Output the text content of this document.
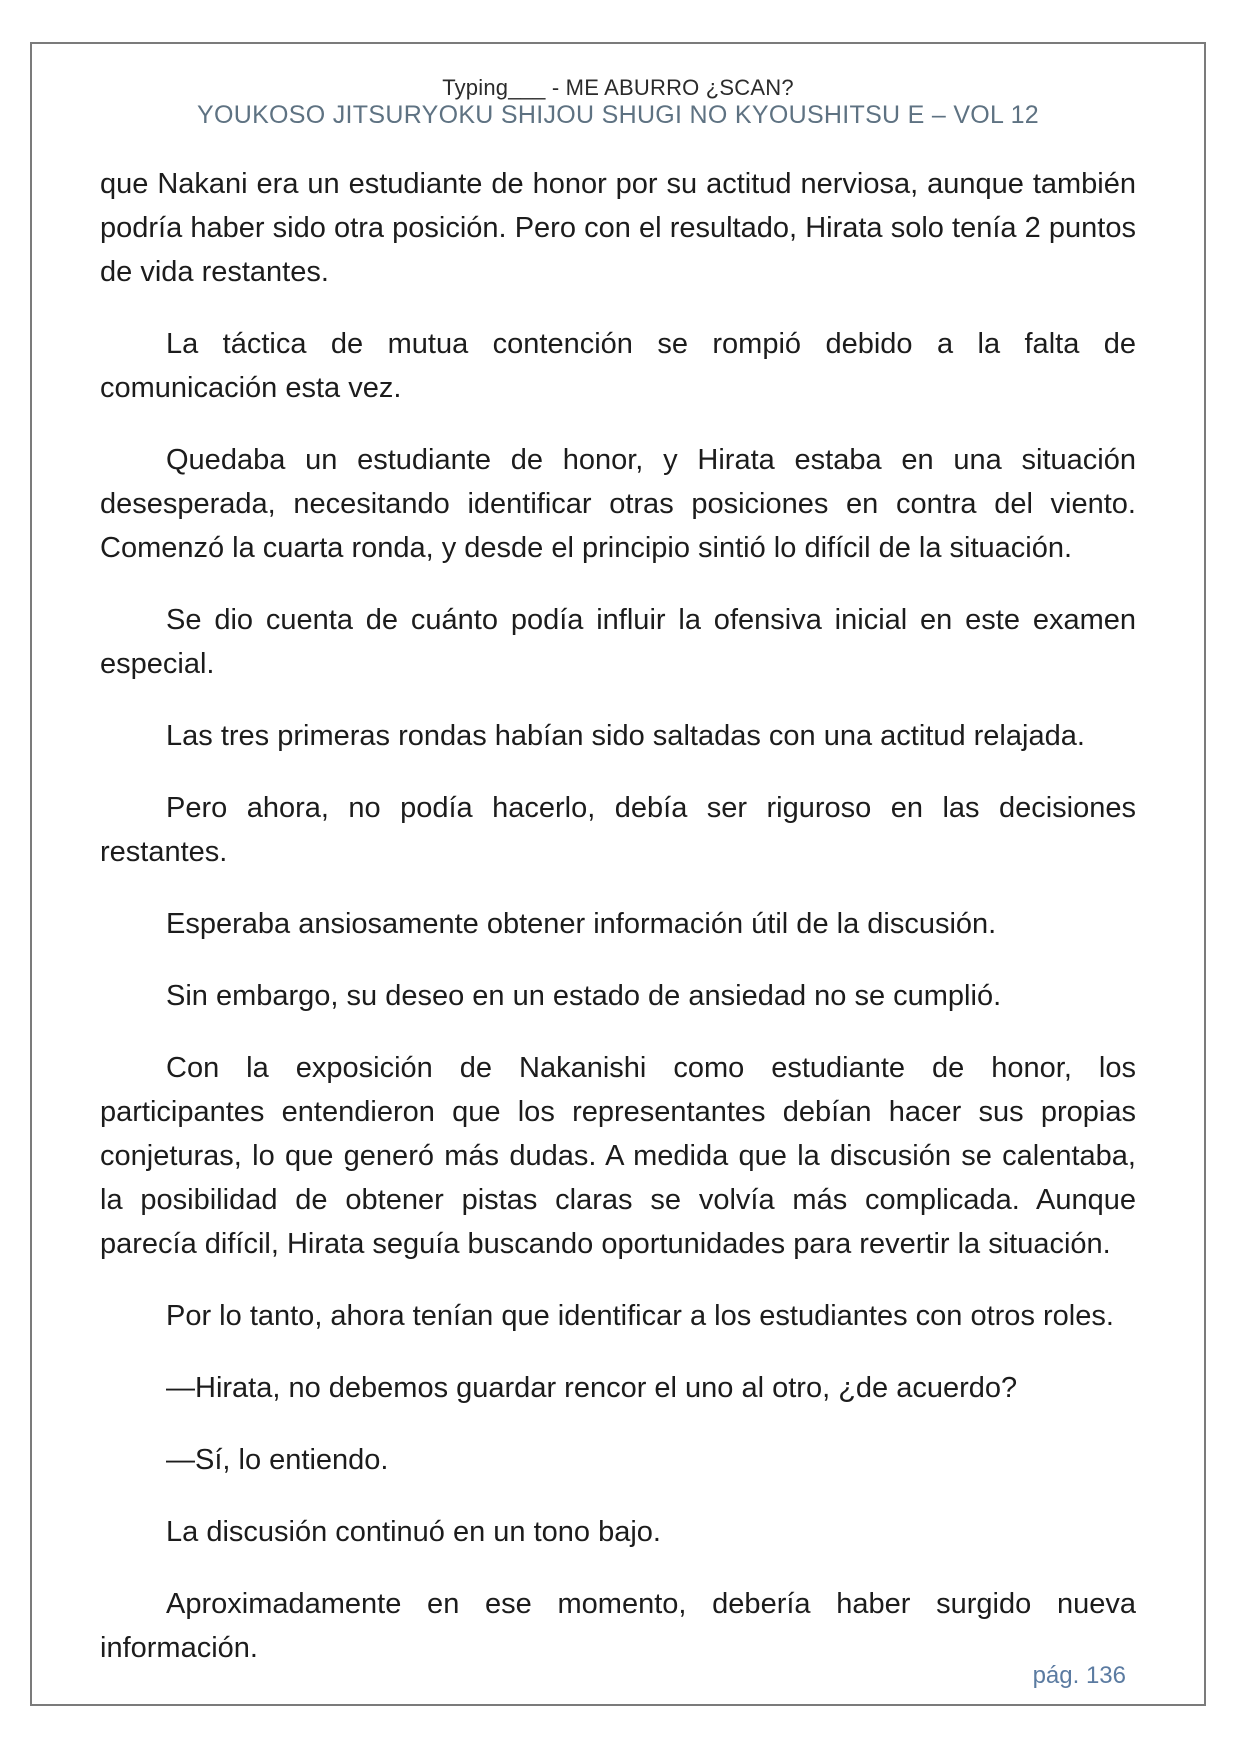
Typing___ - ME ABURRO ¿SCAN?
YOUKOSO JITSURYOKU SHIJOU SHUGI NO KYOUSHITSU E – VOL 12

que Nakani era un estudiante de honor por su actitud nerviosa, aunque también podría haber sido otra posición. Pero con el resultado, Hirata solo tenía 2 puntos de vida restantes.

La táctica de mutua contención se rompió debido a la falta de comunicación esta vez.

Quedaba un estudiante de honor, y Hirata estaba en una situación desesperada, necesitando identificar otras posiciones en contra del viento. Comenzó la cuarta ronda, y desde el principio sintió lo difícil de la situación.

Se dio cuenta de cuánto podía influir la ofensiva inicial en este examen especial.

Las tres primeras rondas habían sido saltadas con una actitud relajada.

Pero ahora, no podía hacerlo, debía ser riguroso en las decisiones restantes.

Esperaba ansiosamente obtener información útil de la discusión.

Sin embargo, su deseo en un estado de ansiedad no se cumplió.

Con la exposición de Nakanishi como estudiante de honor, los participantes entendieron que los representantes debían hacer sus propias conjeturas, lo que generó más dudas. A medida que la discusión se calentaba, la posibilidad de obtener pistas claras se volvía más complicada. Aunque parecía difícil, Hirata seguía buscando oportunidades para revertir la situación.

Por lo tanto, ahora tenían que identificar a los estudiantes con otros roles.

—Hirata, no debemos guardar rencor el uno al otro, ¿de acuerdo?

—Sí, lo entiendo.

La discusión continuó en un tono bajo.

Aproximadamente en ese momento, debería haber surgido nueva información.

pág. 136
